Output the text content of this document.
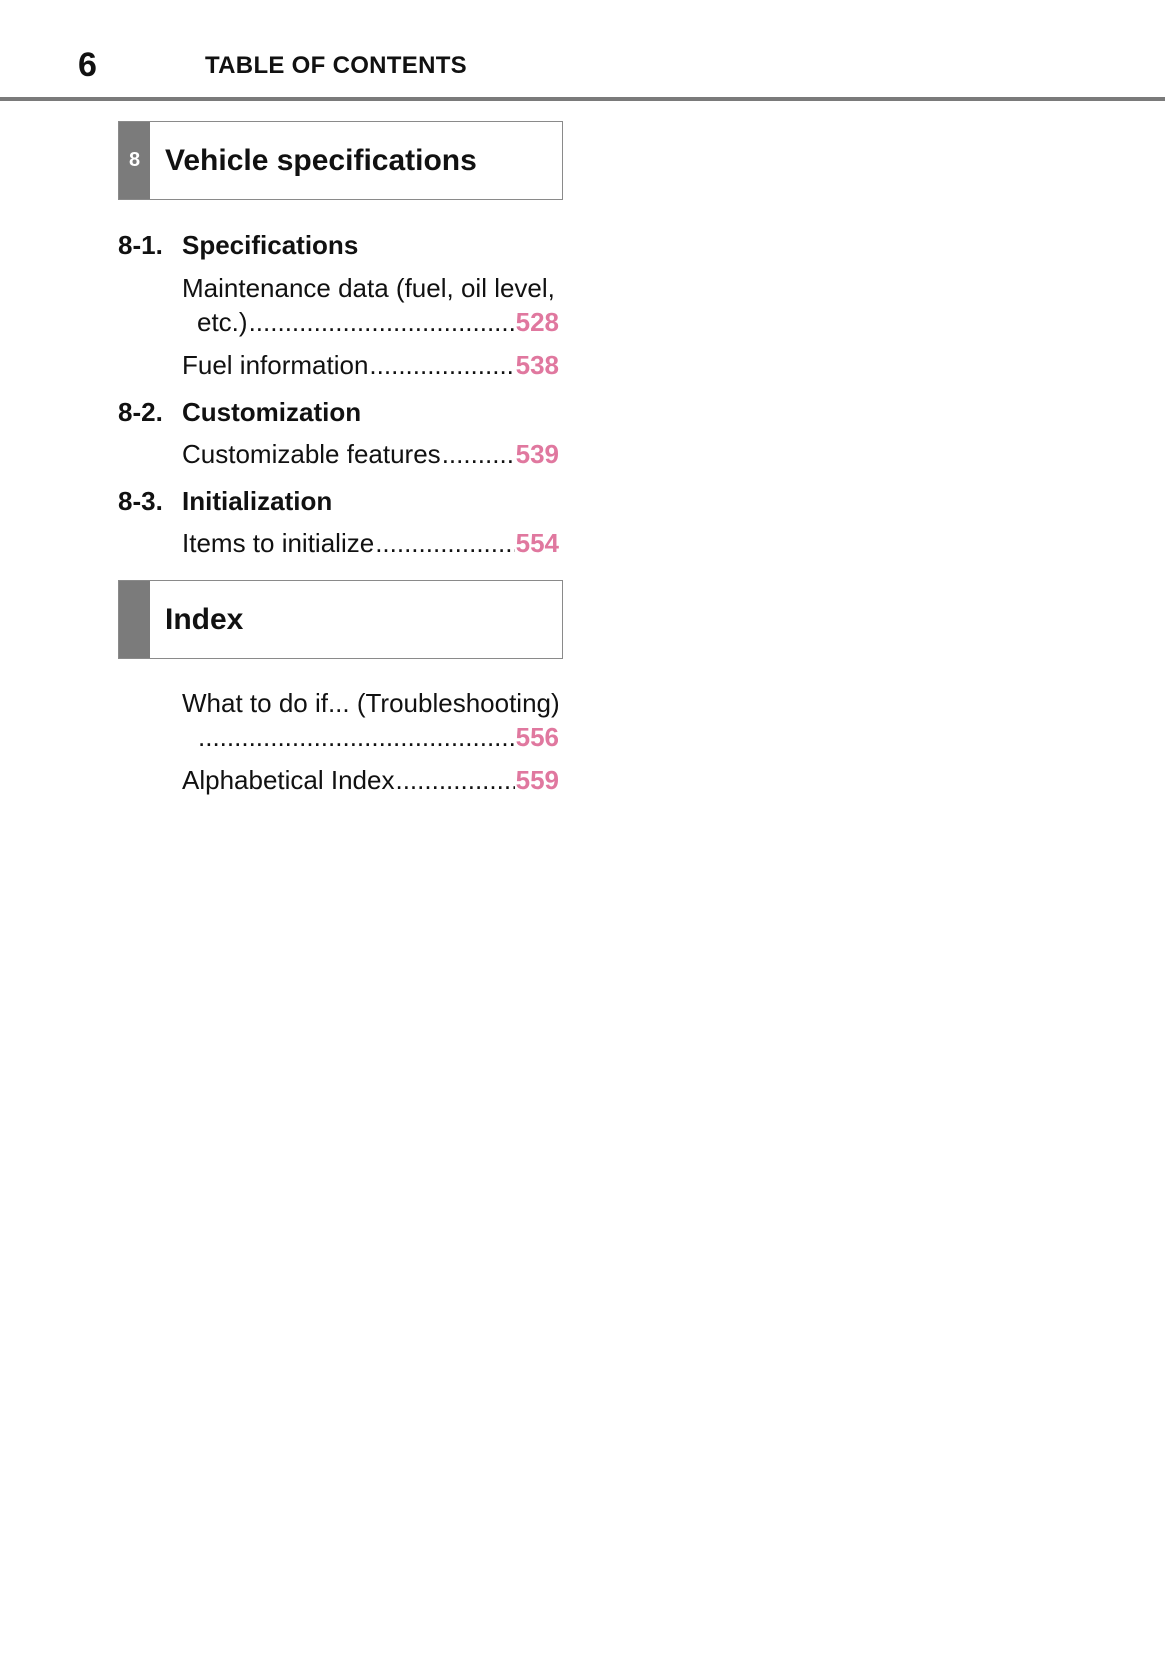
6	TABLE OF CONTENTS
8 Vehicle specifications
8-1. Specifications
Maintenance data (fuel, oil level,
etc.) .....	528
Fuel information .....	538
8-2. Customization
Customizable features .....	539
8-3. Initialization
Items to initialize .....	554
Index
What to do if... (Troubleshooting)
.....
556
Alphabetical Index .....	559
